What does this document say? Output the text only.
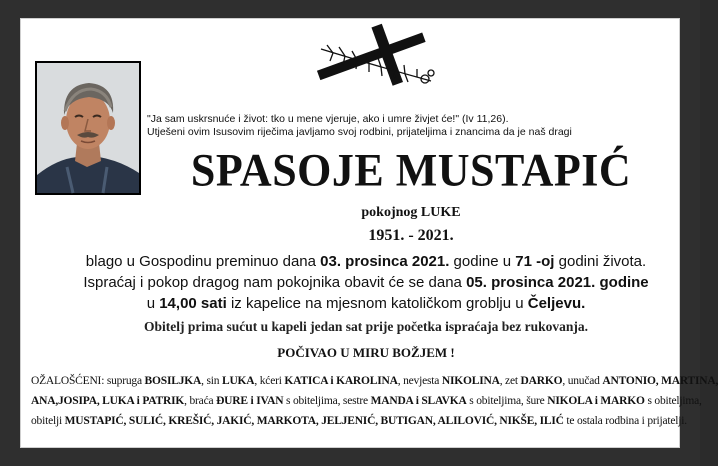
"Ja sam uskrsnuće i život: tko u mene vjeruje, ako i umre živjet će!" (Iv 11,26).
Utješeni ovim Isusovim riječima javljamo svoj rodbini, prijateljima i znancima da je naš dragi
SPASOJE MUSTAPIĆ
pokojnog LUKE
1951. - 2021.
blago u Gospodinu preminuo dana 03. prosinca 2021. godine u 71 -oj godini života.
Ispraćaj i pokop dragog nam pokojnika obavit će se dana 05. prosinca 2021. godine
u 14,00 sati iz kapelice na mjesnom katoličkom groblju u Čeljevu.
Obitelj prima sućut u kapeli jedan sat prije početka ispraćaja bez rukovanja.
POČIVAO U MIRU BOŽJEM !
OŽALOŠĆENI: supruga BOSILJKA, sin LUKA, kćeri KATICA i KAROLINA, nevjesta NIKOLINA, zet DARKO, unučad ANTONIO, MARTINA,
ANA,JOSIPA, LUKA i PATRIK, braća ĐURE i IVAN s obiteljima, sestre MANDA i SLAVKA s obiteljima, šure NIKOLA i MARKO s obiteljima,
obitelji MUSTAPIĆ, SULIĆ, KREŠIĆ, JAKIĆ, MARKOTA, JELJENIĆ, BUTIGAN, ALILOVIĆ, NIKŠE, ILIĆ te ostala rodbina i prijatelji.
